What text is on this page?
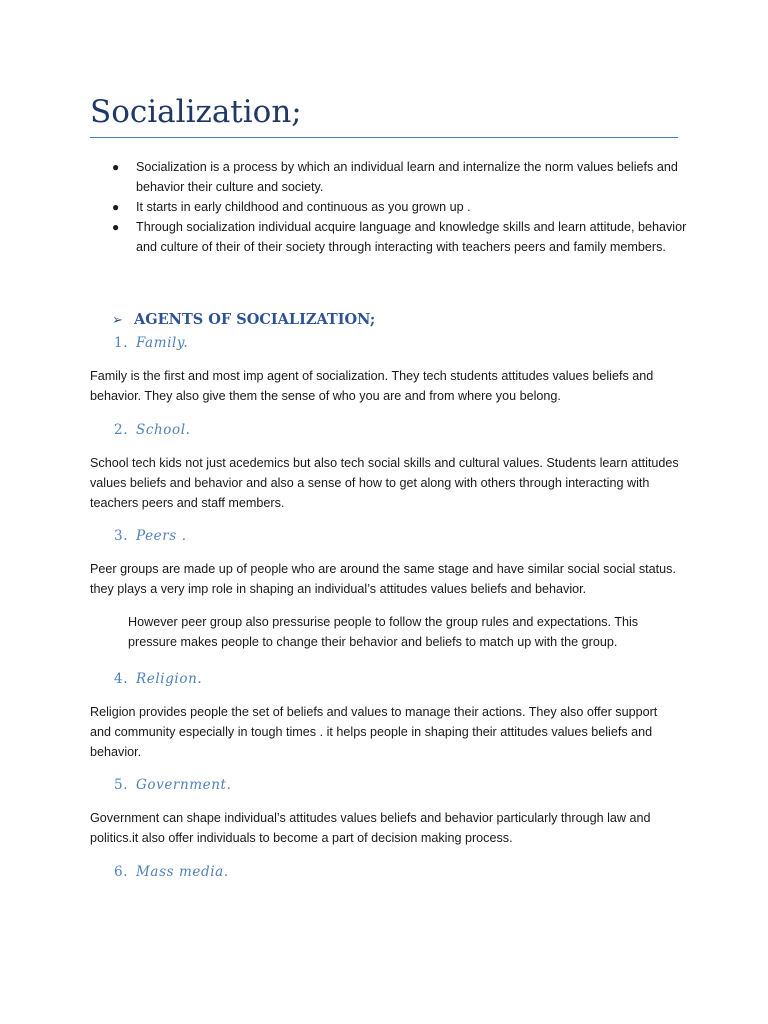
Socialization;
● Socialization is a process by which an individual learn and internalize the norm values beliefs and behavior their culture and society.
● It starts in early childhood and continuous as you grown up .
● Through socialization individual acquire language and knowledge skills and learn attitude, behavior and culture of their of their society through interacting with teachers peers and family members.
➢ AGENTS OF SOCIALIZATION;
1. Family.

Family is the first and most imp agent of socialization. They tech students attitudes values beliefs and behavior. They also give them the sense of who you are and from where you belong.

2. School.

School tech kids not just acedemics but also tech social skills and cultural values. Students learn attitudes values beliefs and behavior and also a sense of how to get along with others through interacting with teachers peers and staff members.

3. Peers .

Peer groups are made up of people who are around the same stage and have similar social social status. they plays a very imp role in shaping an individual’s attitudes values beliefs and behavior.

However peer group also pressurise people to follow the group rules and expectations. This pressure makes people to change their behavior and beliefs to match up with the group.

4. Religion.

Religion provides people the set of beliefs and values to manage their actions. They also offer support and community especially in tough times . it helps people in shaping their attitudes values beliefs and behavior.

5. Government.

Government can shape individual’s attitudes values beliefs and behavior particularly through law and politics.it also offer individuals to become a part of decision making process.

6. Mass media.
